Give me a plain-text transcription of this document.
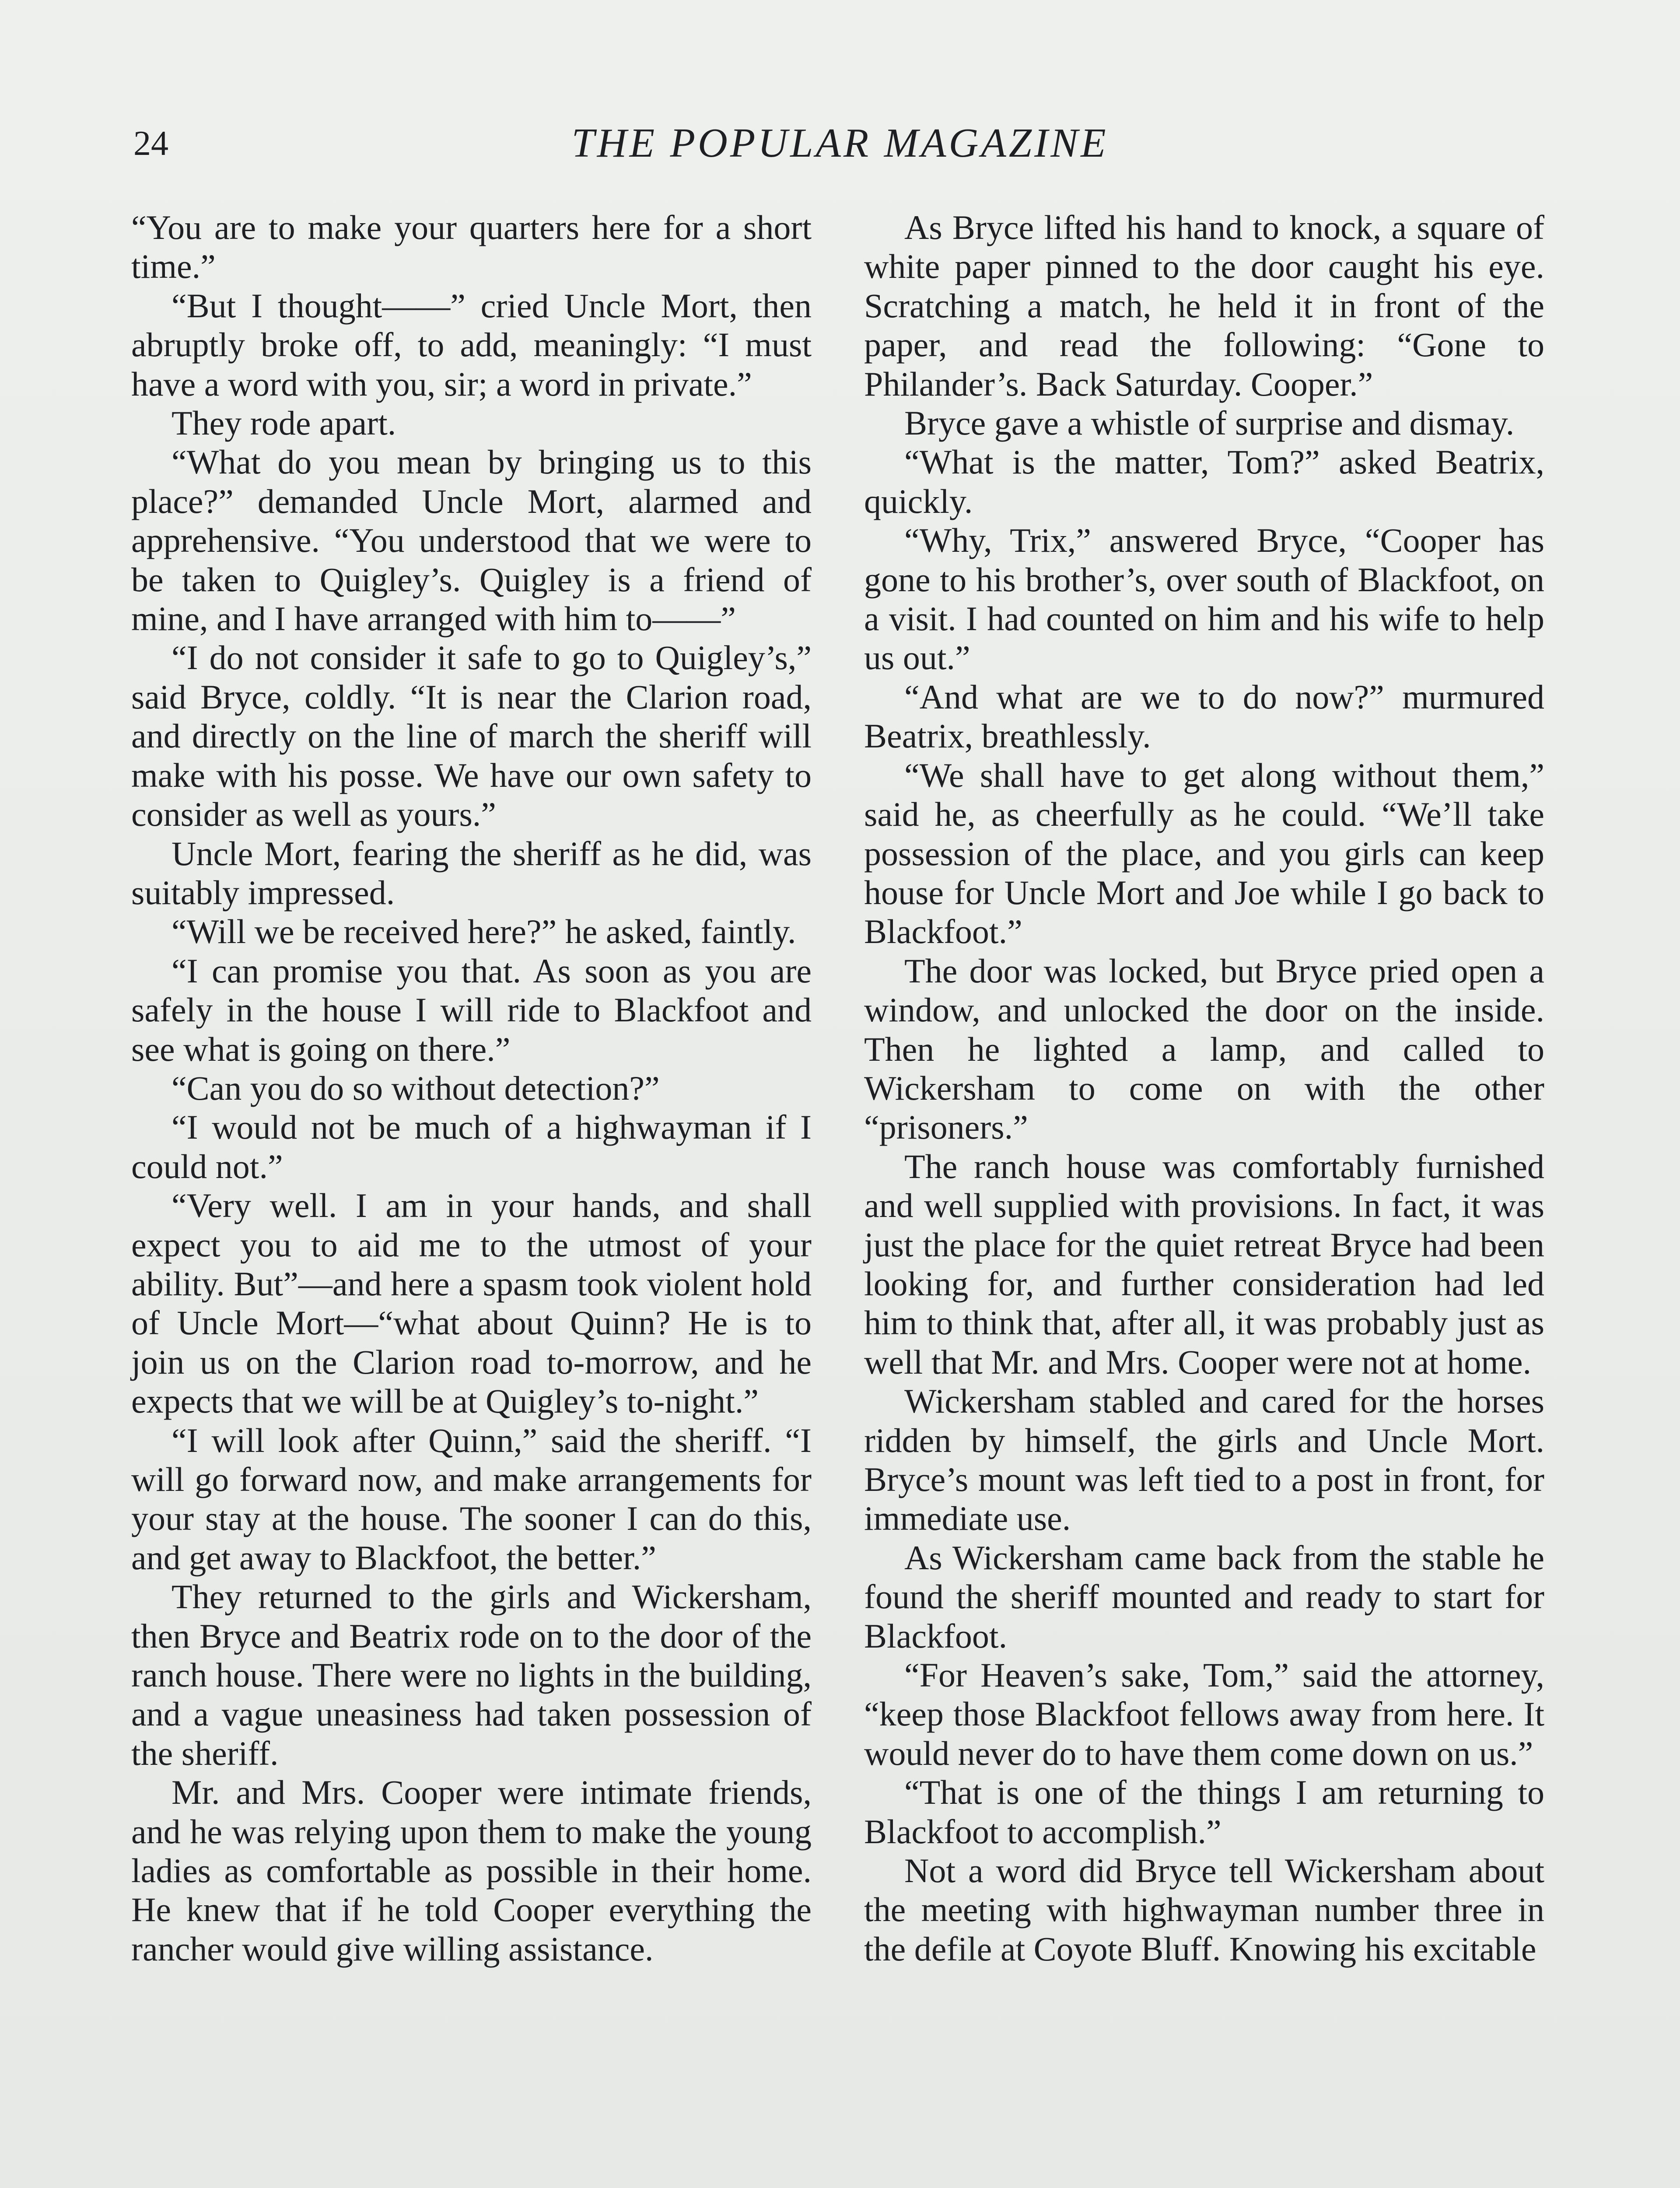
24	THE POPULAR MAGAZINE

“You are to make your quarters here for a short time.”

“But I thought——” cried Uncle Mort, then abruptly broke off, to add, meaningly: “I must have a word with you, sir; a word in private.”

They rode apart.

“What do you mean by bringing us to this place?” demanded Uncle Mort, alarmed and apprehensive. “You understood that we were to be taken to Quigley’s. Quigley is a friend of mine, and I have arranged with him to——”

“I do not consider it safe to go to Quigley’s,” said Bryce, coldly. “It is near the Clarion road, and directly on the line of march the sheriff will make with his posse. We have our own safety to consider as well as yours.”

Uncle Mort, fearing the sheriff as he did, was suitably impressed.

“Will we be received here?” he asked, faintly.

“I can promise you that. As soon as you are safely in the house I will ride to Blackfoot and see what is going on there.”

“Can you do so without detection?”

“I would not be much of a highwayman if I could not.”

“Very well. I am in your hands, and shall expect you to aid me to the utmost of your ability. But”—and here a spasm took violent hold of Uncle Mort—“what about Quinn? He is to join us on the Clarion road to-morrow, and he expects that we will be at Quigley’s to-night.”

“I will look after Quinn,” said the sheriff. “I will go forward now, and make arrangements for your stay at the house. The sooner I can do this, and get away to Blackfoot, the better.”

They returned to the girls and Wickersham, then Bryce and Beatrix rode on to the door of the ranch house. There were no lights in the building, and a vague uneasiness had taken possession of the sheriff.

Mr. and Mrs. Cooper were intimate friends, and he was relying upon them to make the young ladies as comfortable as possible in their home. He knew that if he told Cooper everything the rancher would give willing assistance.

As Bryce lifted his hand to knock, a square of white paper pinned to the door caught his eye. Scratching a match, he held it in front of the paper, and read the following: “Gone to Philander’s. Back Saturday. Cooper.”

Bryce gave a whistle of surprise and dismay.

“What is the matter, Tom?” asked Beatrix, quickly.

“Why, Trix,” answered Bryce, “Cooper has gone to his brother’s, over south of Blackfoot, on a visit. I had counted on him and his wife to help us out.”

“And what are we to do now?” murmured Beatrix, breathlessly.

“We shall have to get along without them,” said he, as cheerfully as he could. “We’ll take possession of the place, and you girls can keep house for Uncle Mort and Joe while I go back to Blackfoot.”

The door was locked, but Bryce pried open a window, and unlocked the door on the inside. Then he lighted a lamp, and called to Wickersham to come on with the other “prisoners.”

The ranch house was comfortably furnished and well supplied with provisions. In fact, it was just the place for the quiet retreat Bryce had been looking for, and further consideration had led him to think that, after all, it was probably just as well that Mr. and Mrs. Cooper were not at home.

Wickersham stabled and cared for the horses ridden by himself, the girls and Uncle Mort. Bryce’s mount was left tied to a post in front, for immediate use.

As Wickersham came back from the stable he found the sheriff mounted and ready to start for Blackfoot.

“For Heaven’s sake, Tom,” said the attorney, “keep those Blackfoot fellows away from here. It would never do to have them come down on us.”

“That is one of the things I am returning to Blackfoot to accomplish.”

Not a word did Bryce tell Wickersham about the meeting with highwayman number three in the defile at Coyote Bluff. Knowing his excitable
